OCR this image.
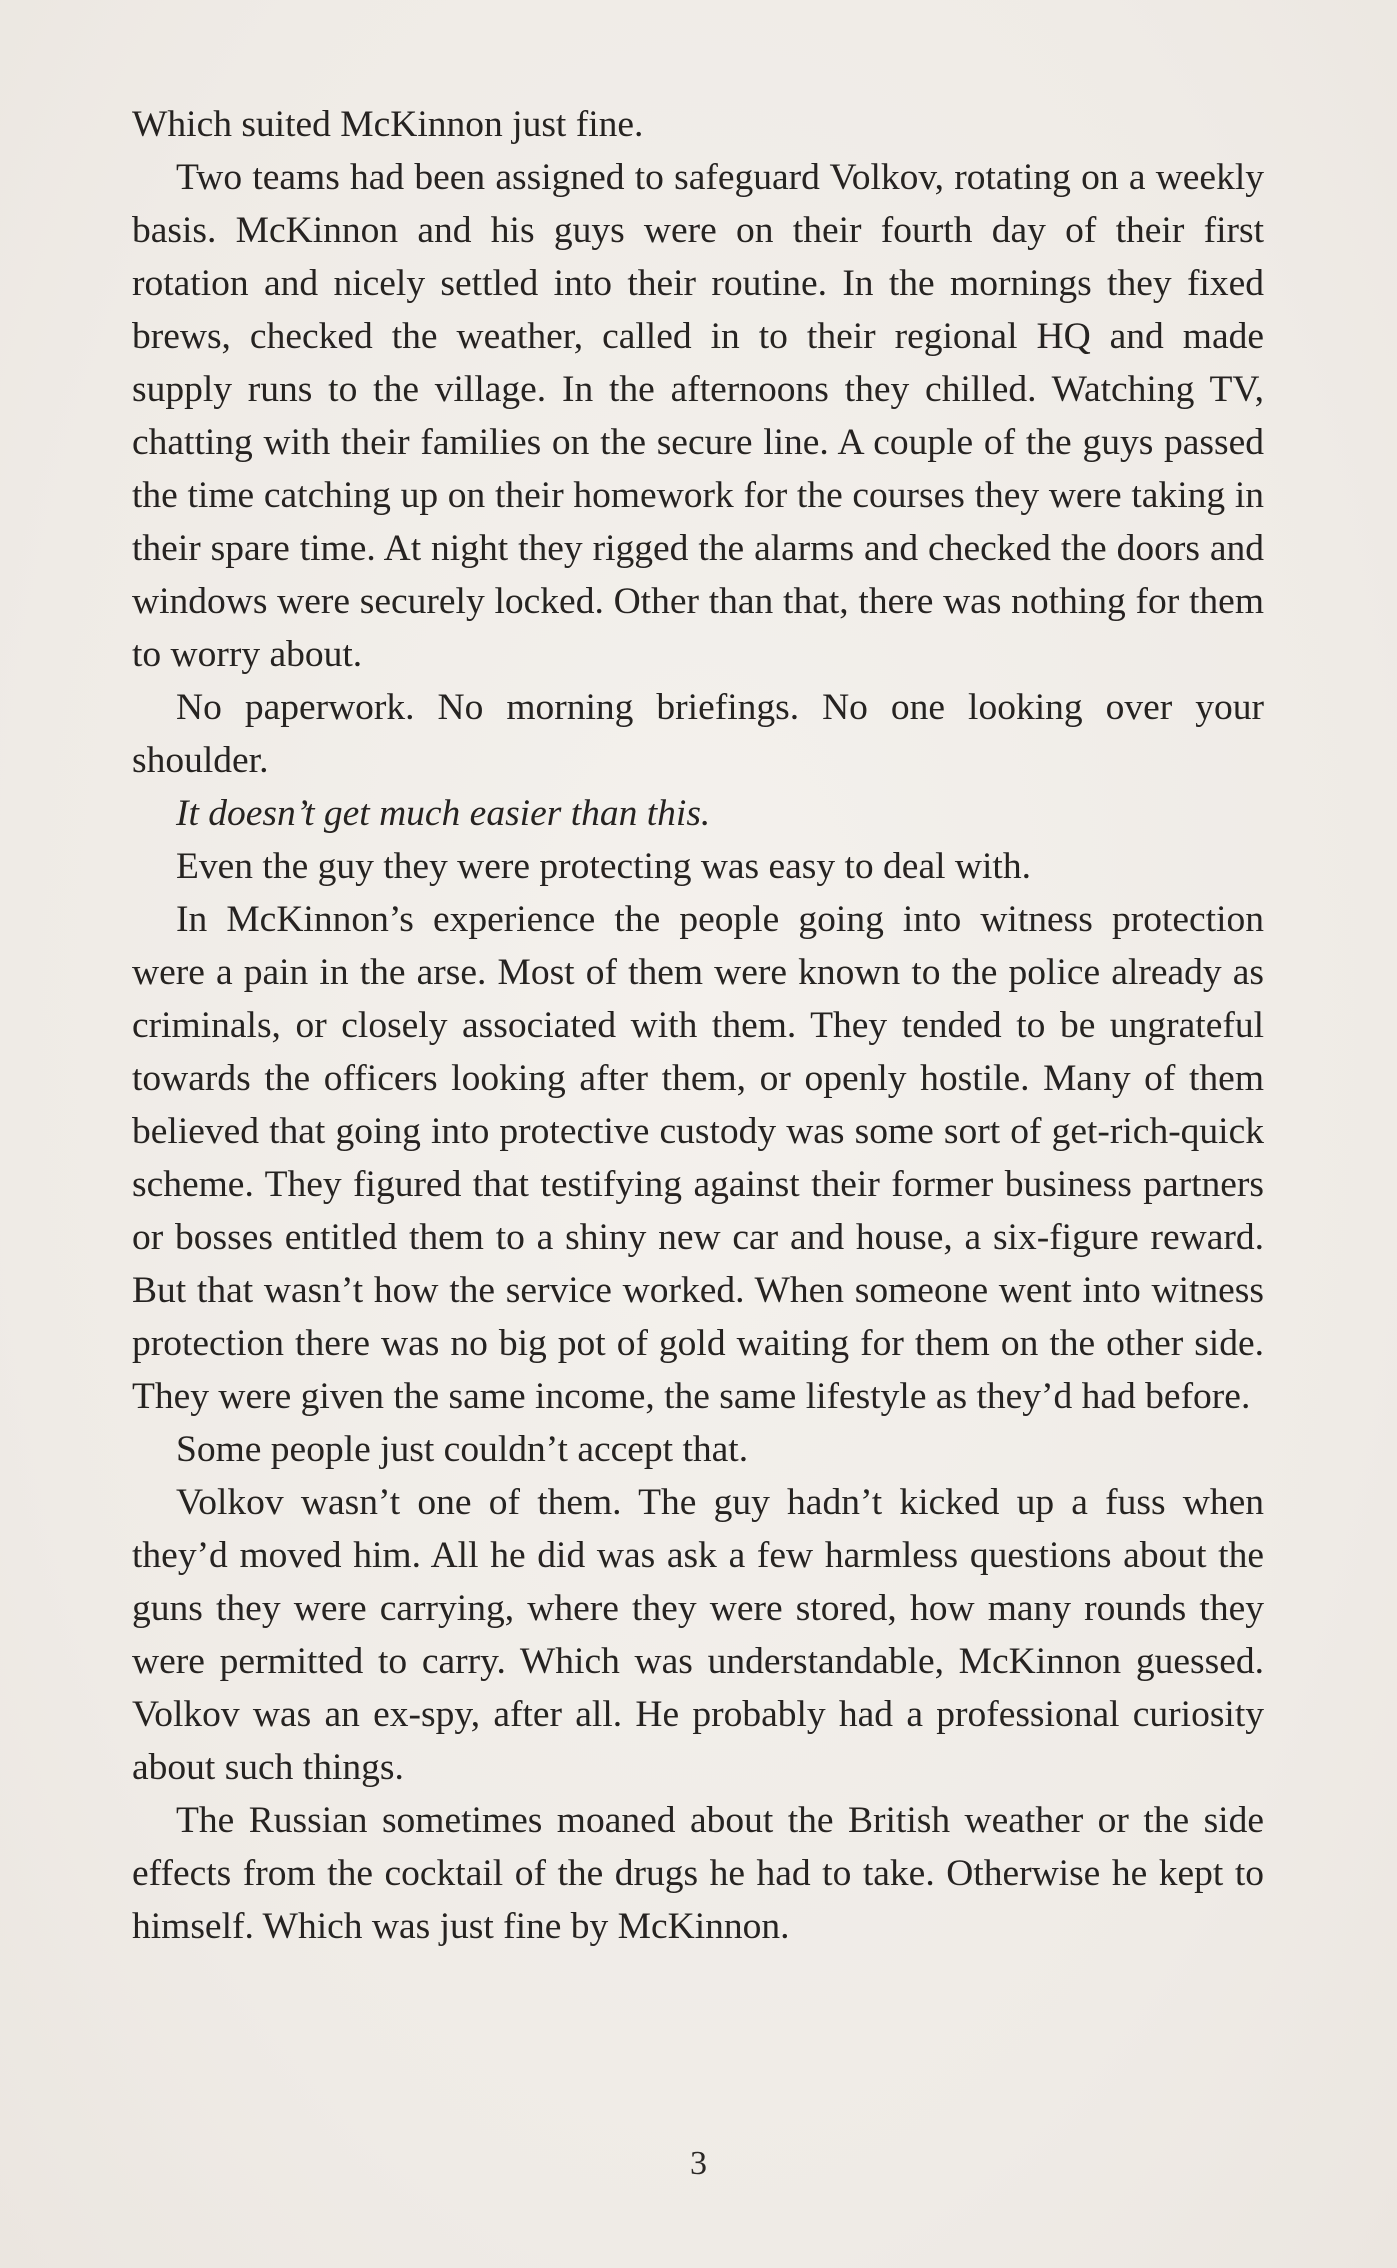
Which suited McKinnon just fine.

Two teams had been assigned to safeguard Volkov, rotating on a weekly basis. McKinnon and his guys were on their fourth day of their first rotation and nicely settled into their routine. In the mornings they fixed brews, checked the weather, called in to their regional HQ and made supply runs to the village. In the afternoons they chilled. Watching TV, chatting with their families on the secure line. A couple of the guys passed the time catching up on their homework for the courses they were taking in their spare time. At night they rigged the alarms and checked the doors and windows were securely locked. Other than that, there was nothing for them to worry about.

No paperwork. No morning briefings. No one looking over your shoulder.

It doesn’t get much easier than this.

Even the guy they were protecting was easy to deal with.

In McKinnon’s experience the people going into witness protection were a pain in the arse. Most of them were known to the police already as criminals, or closely associated with them. They tended to be ungrateful towards the officers looking after them, or openly hostile. Many of them believed that going into protective custody was some sort of get-rich-quick scheme. They figured that testifying against their former business partners or bosses entitled them to a shiny new car and house, a six-figure reward. But that wasn’t how the service worked. When someone went into witness protection there was no big pot of gold waiting for them on the other side. They were given the same income, the same lifestyle as they’d had before.

Some people just couldn’t accept that.

Volkov wasn’t one of them. The guy hadn’t kicked up a fuss when they’d moved him. All he did was ask a few harmless questions about the guns they were carrying, where they were stored, how many rounds they were permitted to carry. Which was understandable, McKinnon guessed. Volkov was an ex-spy, after all. He probably had a professional curiosity about such things.

The Russian sometimes moaned about the British weather or the side effects from the cocktail of the drugs he had to take. Otherwise he kept to himself. Which was just fine by McKinnon.

3
